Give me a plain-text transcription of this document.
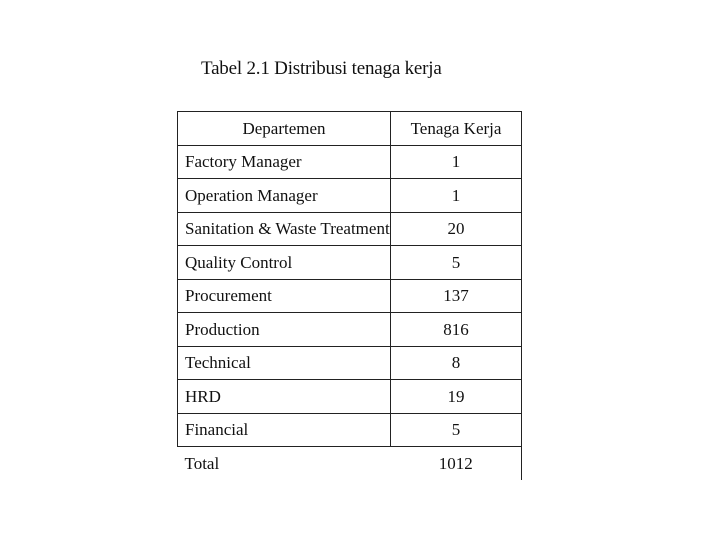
Tabel 2.1 Distribusi tenaga kerja
Departemen	Tenaga Kerja
Factory Manager	1
Operation Manager	1
Sanitation & Waste Treatment	20
Quality Control	5
Procurement	137
Production	816
Technical	8
HRD	19
Financial	5
Total	1012
